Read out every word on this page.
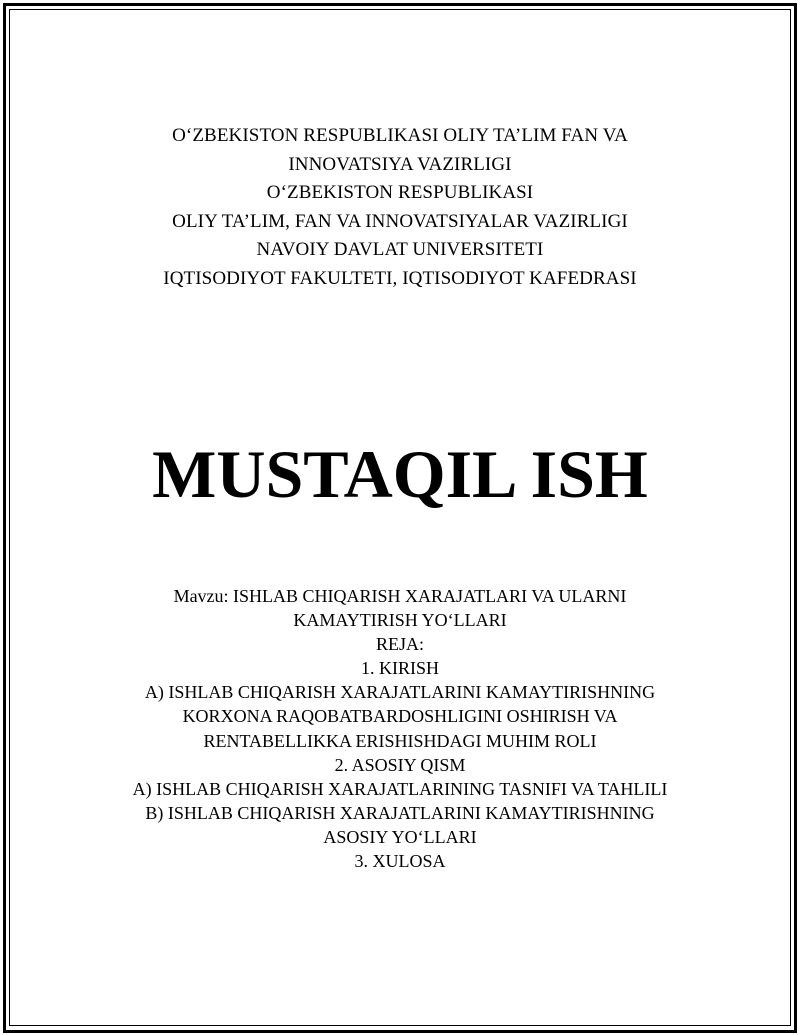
O‘ZBEKISTON RESPUBLIKASI OLIY TA’LIM FAN VA
INNOVATSIYA VAZIRLIGI
O‘ZBEKISTON RESPUBLIKASI
OLIY TA’LIM, FAN VA INNOVATSIYALAR VAZIRLIGI
NAVOIY DAVLAT UNIVERSITETI
IQTISODIYOT FAKULTETI, IQTISODIYOT KAFEDRASI
MUSTAQIL ISH
Mavzu: ISHLAB CHIQARISH XARAJATLARI VA ULARNI
KAMAYTIRISH YO‘LLARI
REJA:
1. KIRISH
A) ISHLAB CHIQARISH XARAJATLARINI KAMAYTIRISHNING
KORXONA RAQOBATBARDOSHLIGINI OSHIRISH VA
RENTABELLIKKA ERISHISHDAGI MUHIM ROLI
2. ASOSIY QISM
A) ISHLAB CHIQARISH XARAJATLARINING TASNIFI VA TAHLILI
B) ISHLAB CHIQARISH XARAJATLARINI KAMAYTIRISHNING
ASOSIY YO‘LLARI
3. XULOSA
